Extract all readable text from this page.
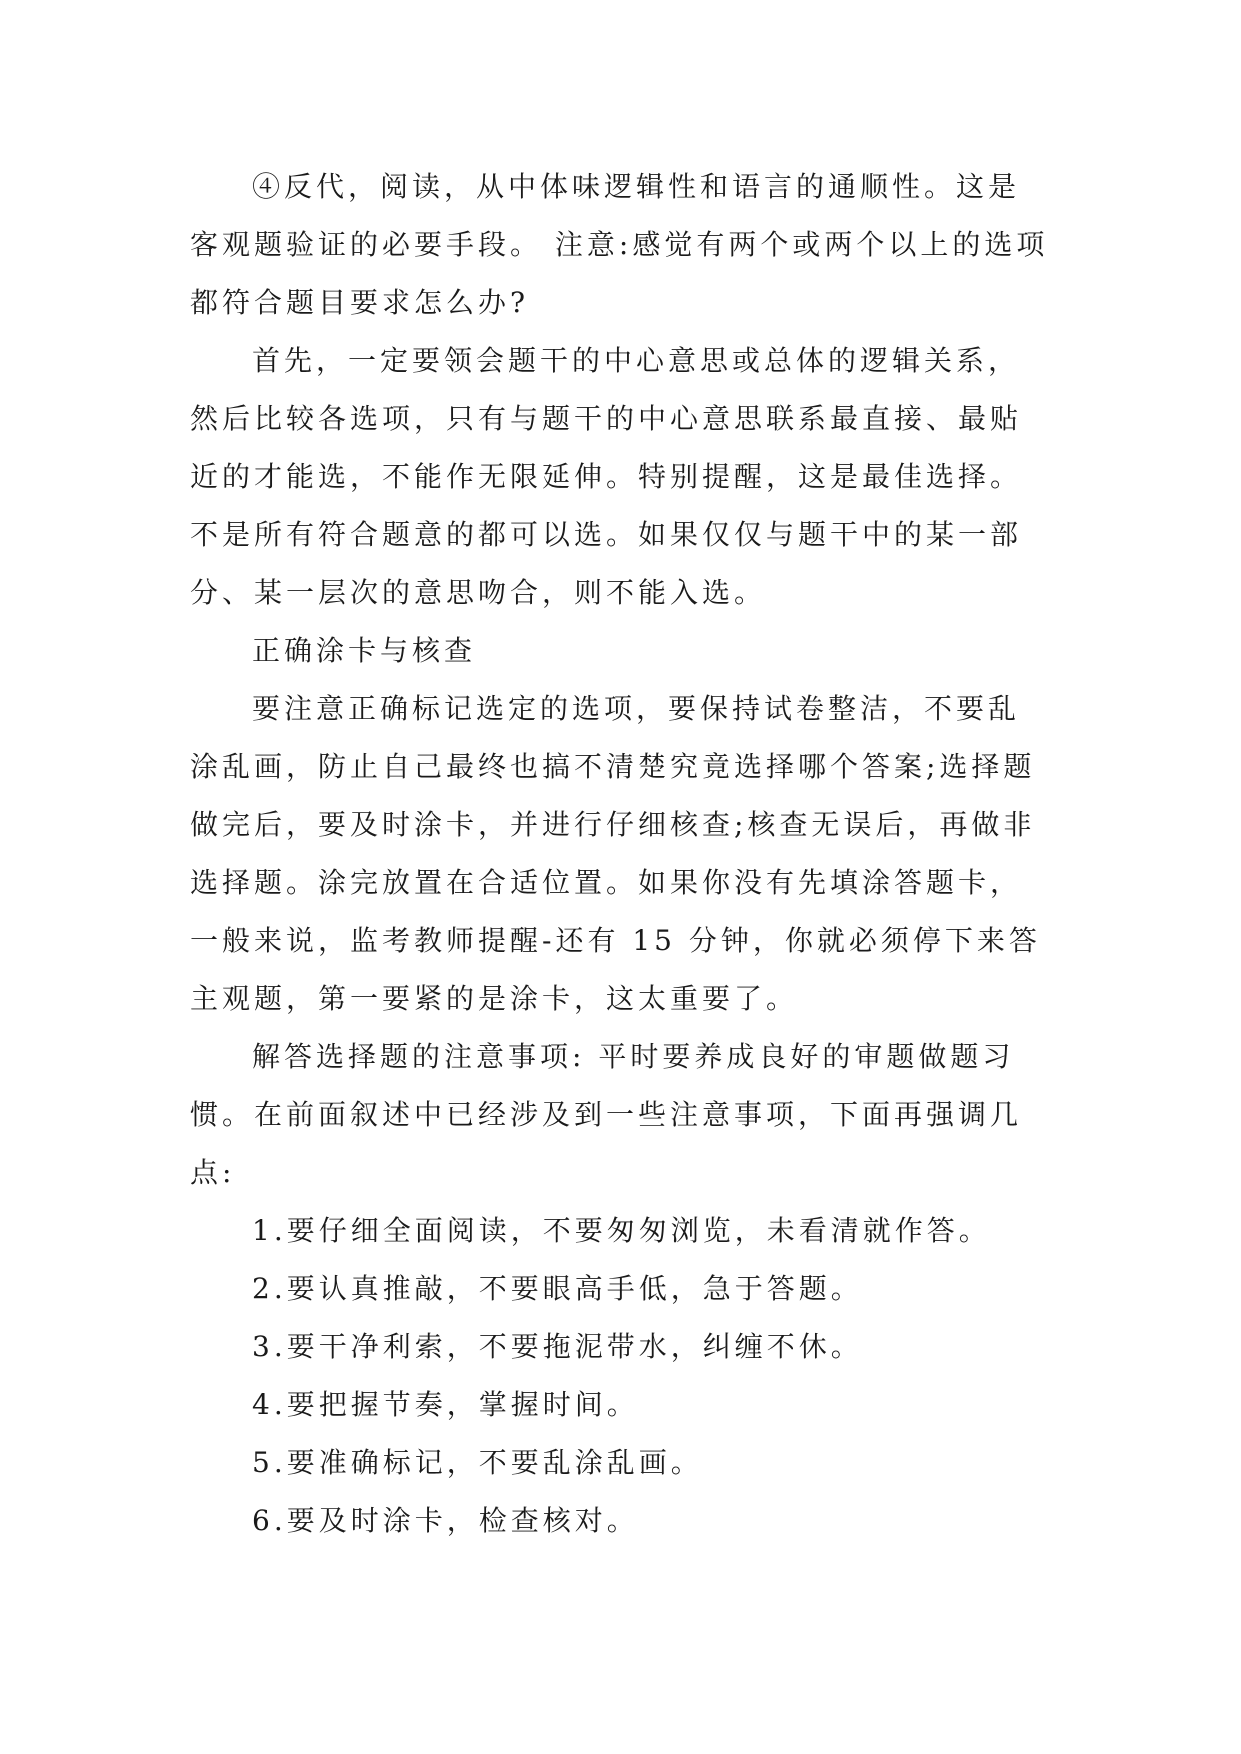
④反代，阅读，从中体味逻辑性和语言的通顺性。这是客观题验证的必要手段。 注意:感觉有两个或两个以上的选项都符合题目要求怎么办?

首先，一定要领会题干的中心意思或总体的逻辑关系，然后比较各选项，只有与题干的中心意思联系最直接、最贴近的才能选，不能作无限延伸。特别提醒，这是最佳选择。不是所有符合题意的都可以选。如果仅仅与题干中的某一部分、某一层次的意思吻合，则不能入选。

正确涂卡与核查

要注意正确标记选定的选项，要保持试卷整洁，不要乱涂乱画，防止自己最终也搞不清楚究竟选择哪个答案;选择题做完后，要及时涂卡，并进行仔细核查;核查无误后，再做非选择题。涂完放置在合适位置。如果你没有先填涂答题卡，一般来说，监考教师提醒-还有 15 分钟，你就必须停下来答主观题，第一要紧的是涂卡，这太重要了。

解答选择题的注意事项: 平时要养成良好的审题做题习惯。在前面叙述中已经涉及到一些注意事项，下面再强调几点:

1.要仔细全面阅读，不要匆匆浏览，未看清就作答。

2.要认真推敲，不要眼高手低，急于答题。

3.要干净利索，不要拖泥带水，纠缠不休。

4.要把握节奏，掌握时间。

5.要准确标记，不要乱涂乱画。

6.要及时涂卡，检查核对。
